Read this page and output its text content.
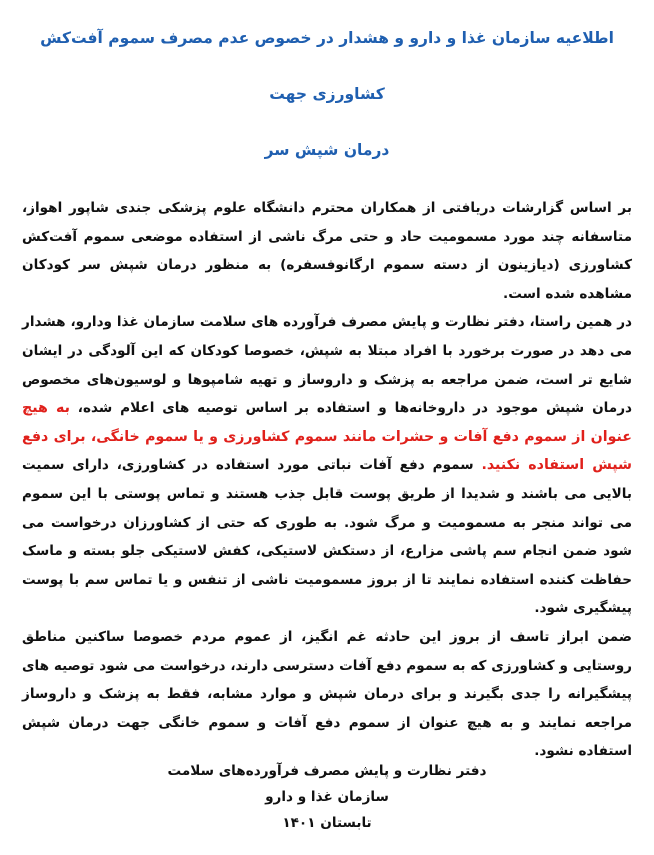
اطلاعیه سازمان غذا و دارو و هشدار در خصوص عدم مصرف سموم آفت‌کش کشاورزی جهت
درمان شپش سر

بر اساس گزارشات دریافتی از همکاران محترم دانشگاه علوم پزشکی جندی شاپور اهواز، متاسفانه چند مورد مسمومیت حاد و حتی مرگ ناشی از استفاده موضعی سموم آفت‌کش کشاورزی (دیازینون از دسته سموم ارگانوفسفره) به منظور درمان شپش سر کودکان مشاهده شده است.

در همین راستا، دفتر نظارت و پایش مصرف فرآورده های سلامت سازمان غذا ودارو، هشدار می دهد در صورت برخورد با افراد مبتلا به شپش، خصوصا کودکان که این آلودگی در ایشان شایع تر است، ضمن مراجعه به پزشک و داروساز و تهیه شامپوها و لوسیون‌های مخصوص درمان شپش موجود در داروخانه‌ها و استفاده بر اساس توصیه های اعلام شده، به هیچ عنوان از سموم دفع آفات و حشرات مانند سموم کشاورزی و یا سموم خانگی، برای دفع شپش استفاده نکنید. سموم دفع آفات نباتی مورد استفاده در کشاورزی، دارای سمیت بالایی می باشند و شدیدا از طریق پوست قابل جذب هستند و تماس پوستی با این سموم می تواند منجر به مسمومیت و مرگ شود. به طوری که حتی از کشاورزان درخواست می شود ضمن انجام سم پاشی مزارع، از دستکش لاستیکی، کفش لاستیکی جلو بسته و ماسک حفاظت کننده استفاده نمایند تا از بروز مسمومیت ناشی از تنفس و یا تماس سم با پوست پیشگیری شود.

ضمن ابراز تاسف از بروز این حادثه غم انگیز، از عموم مردم خصوصا ساکنین مناطق روستایی و کشاورزی که به سموم دفع آفات دسترسی دارند، درخواست می شود توصیه های پیشگیرانه را جدی بگیرند و برای درمان شپش و موارد مشابه، فقط به پزشک و داروساز مراجعه نمایند و به هیچ عنوان از سموم دفع آفات و سموم خانگی جهت درمان شپش استفاده نشود.

دفتر نظارت و پایش مصرف فرآورده‌های سلامت
سازمان غذا و دارو
تابستان ۱۴۰۱
